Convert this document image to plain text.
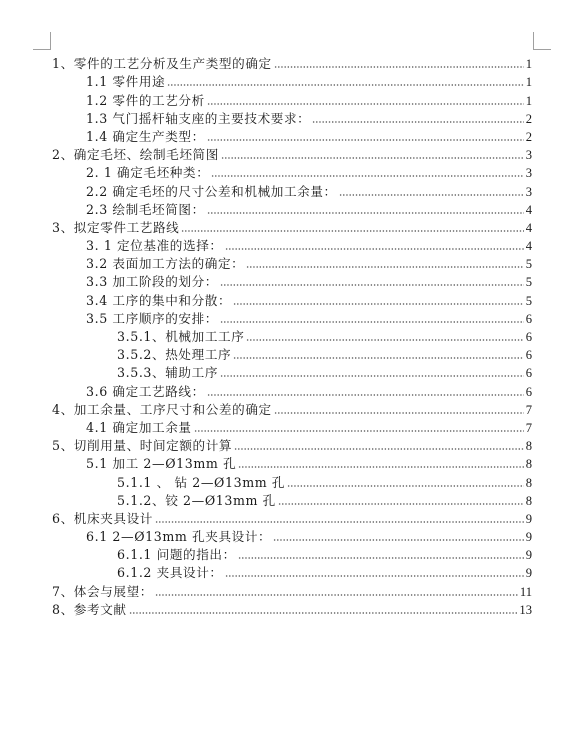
1、零件的工艺分析及生产类型的确定	1
1.1 零件用途	1
1.2 零件的工艺分析	1
1.3 气门摇杆轴支座的主要技术要求：	2
1.4 确定生产类型：	2
2、确定毛坯、绘制毛坯简图	3
2. 1 确定毛坯种类：	3
2.2 确定毛坯的尺寸公差和机械加工余量：	3
2.3 绘制毛坯简图：	4
3、拟定零件工艺路线	4
3. 1 定位基准的选择：	4
3.2 表面加工方法的确定：	5
3.3 加工阶段的划分：	5
3.4 工序的集中和分散：	5
3.5 工序顺序的安排：	6
3.5.1、机械加工工序	6
3.5.2、热处理工序	6
3.5.3、辅助工序	6
3.6 确定工艺路线：	6
4、加工余量、工序尺寸和公差的确定	7
4.1 确定加工余量	7
5、切削用量、时间定额的计算	8
5.1 加工 2—Ø13mm 孔	8
5.1.1 、 钻 2—Ø13mm 孔	8
5.1.2、铰 2—Ø13mm 孔	8
6、机床夹具设计	9
6.1 2—Ø13mm 孔夹具设计：	9
6.1.1 问题的指出：	9
6.1.2 夹具设计：	9
7、体会与展望：	11
8、参考文献	13
